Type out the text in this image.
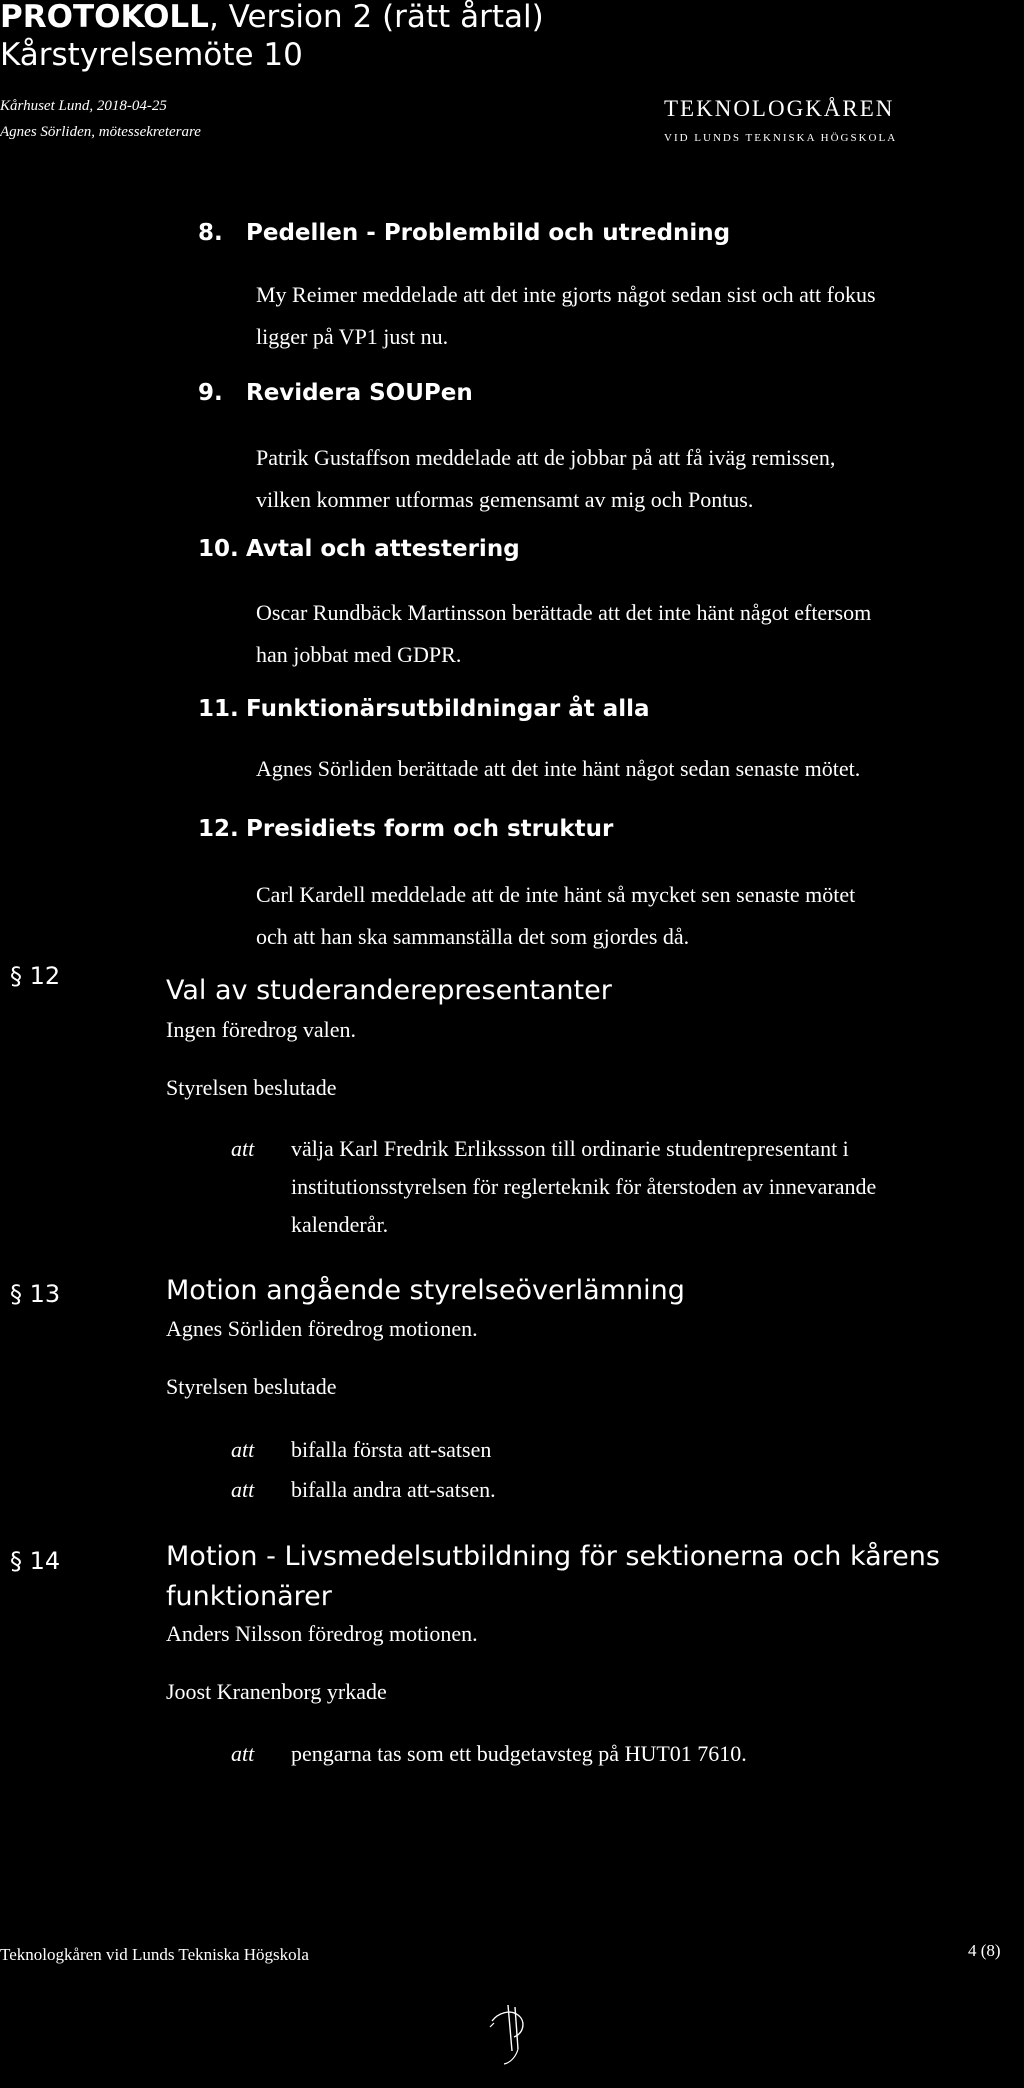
PROTOKOLL, Version 2 (rätt årtal)
Kårstyrelsemöte 10
Kårhuset Lund, 2018-04-25
Agnes Sörliden, mötessekreterare
TEKNOLOGKÅREN
VID LUNDS TEKNISKA HÖGSKOLA
8. Pedellen - Problembild och utredning
My Reimer meddelade att det inte gjorts något sedan sist och att fokus
ligger på VP1 just nu.
9. Revidera SOUPen
Patrik Gustaffson meddelade att de jobbar på att få iväg remissen,
vilken kommer utformas gemensamt av mig och Pontus.
10. Avtal och attestering
Oscar Rundbäck Martinsson berättade att det inte hänt något eftersom
han jobbat med GDPR.
11. Funktionärsutbildningar åt alla
Agnes Sörliden berättade att det inte hänt något sedan senaste mötet.
12. Presidiets form och struktur
Carl Kardell meddelade att de inte hänt så mycket sen senaste mötet
och att han ska sammanställa det som gjordes då.
§ 12	Val av studeranderepresentanter
Ingen föredrog valen.
Styrelsen beslutade
att välja Karl Fredrik Erlikssson till ordinarie studentrepresentant i
institutionsstyrelsen för reglerteknik för återstoden av innevarande
kalenderår.
§ 13	Motion angående styrelseöverlämning
Agnes Sörliden föredrog motionen.
Styrelsen beslutade
att bifalla första att-satsen
att bifalla andra att-satsen.
§ 14	Motion - Livsmedelsutbildning för sektionerna och kårens
funktionärer
Anders Nilsson föredrog motionen.
Joost Kranenborg yrkade
att pengarna tas som ett budgetavsteg på HUT01 7610.
Teknologkåren vid Lunds Tekniska Högskola	4 (8)
